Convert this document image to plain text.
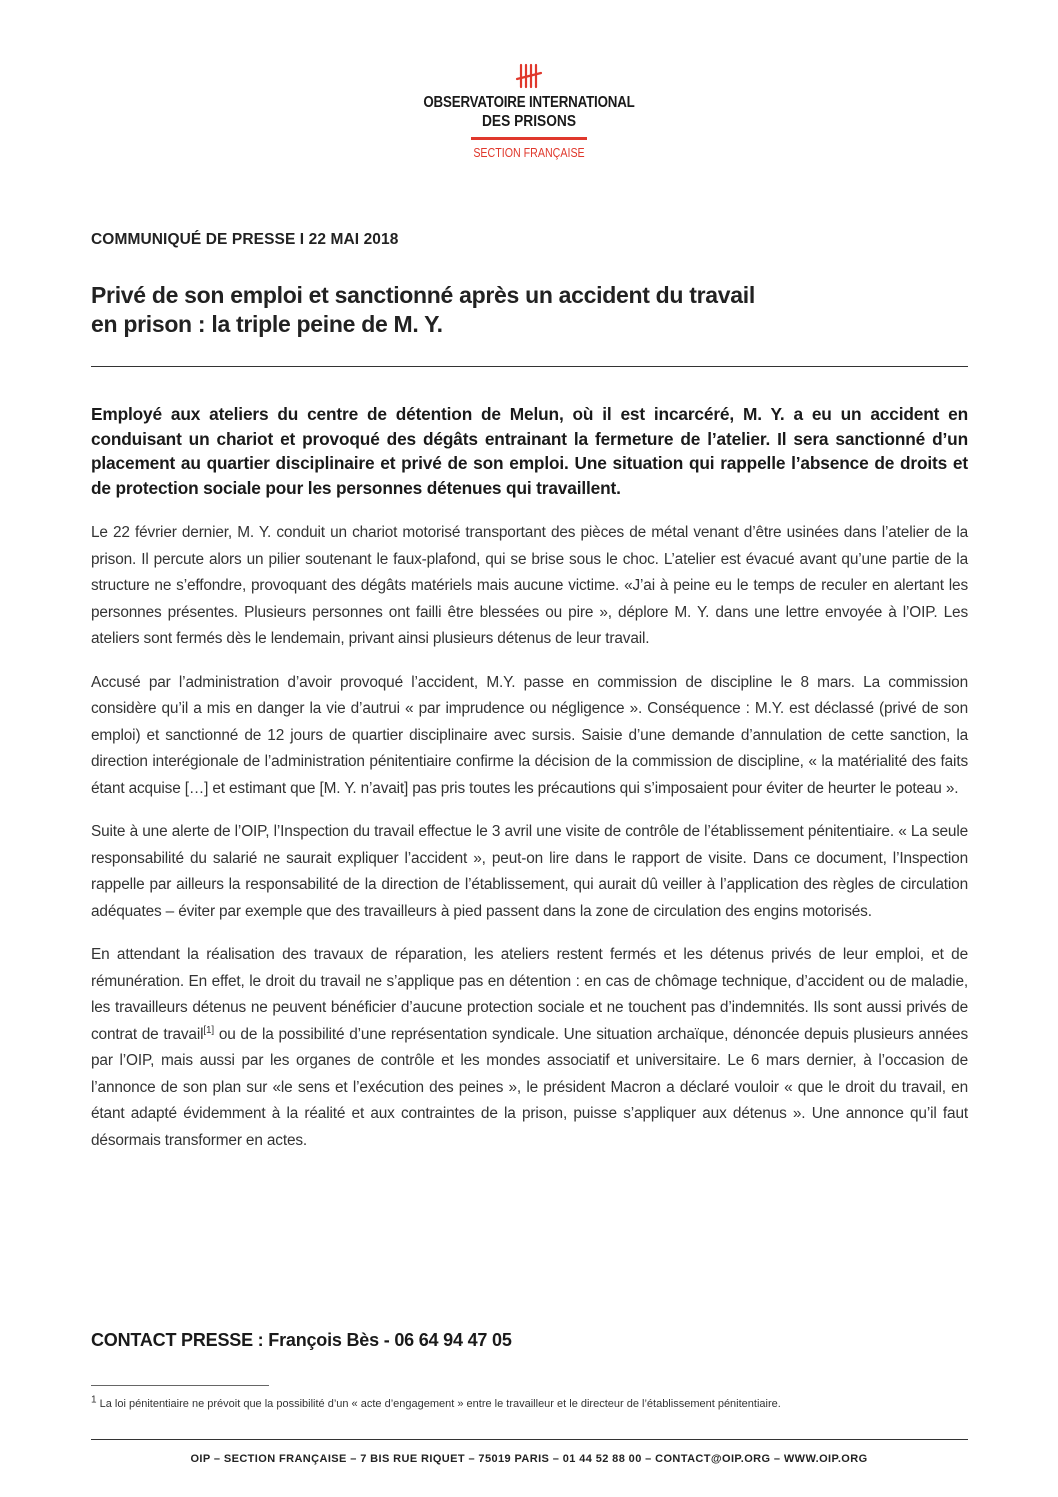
OBSERVATOIRE INTERNATIONAL
DES PRISONS
SECTION FRANÇAISE
COMMUNIQUÉ DE PRESSE I 22 MAI 2018
Privé de son emploi et sanctionné après un accident du travail
en prison : la triple peine de M. Y.
Employé aux ateliers du centre de détention de Melun, où il est incarcéré, M. Y. a eu un accident en conduisant un chariot et provoqué des dégâts entrainant la fermeture de l’atelier. Il sera sanctionné d’un placement au quartier disciplinaire et privé de son emploi. Une situation qui rappelle l’absence de droits et de protection sociale pour les personnes détenues qui travaillent.

Le 22 février dernier, M. Y. conduit un chariot motorisé transportant des pièces de métal venant d’être usinées dans l’atelier de la prison. Il percute alors un pilier soutenant le faux-plafond, qui se brise sous le choc. L’atelier est évacué avant qu’une partie de la structure ne s’effondre, provoquant des dégâts matériels mais aucune victime. «J’ai à peine eu le temps de reculer en alertant les personnes présentes. Plusieurs personnes ont failli être blessées ou pire », déplore M. Y. dans une lettre envoyée à l’OIP. Les ateliers sont fermés dès le lendemain, privant ainsi plusieurs détenus de leur travail.

Accusé par l’administration d’avoir provoqué l’accident, M.Y. passe en commission de discipline le 8 mars. La commission considère qu’il a mis en danger la vie d’autrui « par imprudence ou négligence ». Conséquence : M.Y. est déclassé (privé de son emploi) et sanctionné de 12 jours de quartier disciplinaire avec sursis. Saisie d’une demande d’annulation de cette sanction, la direction interégionale de l’administration pénitentiaire confirme la décision de la commission de discipline, « la matérialité des faits étant acquise […] et estimant que [M. Y. n’avait] pas pris toutes les précautions qui s’imposaient pour éviter de heurter le poteau ».

Suite à une alerte de l’OIP, l’Inspection du travail effectue le 3 avril une visite de contrôle de l’établissement pénitentiaire. « La seule responsabilité du salarié ne saurait expliquer l’accident », peut-on lire dans le rapport de visite. Dans ce document, l’Inspection rappelle par ailleurs la responsabilité de la direction de l’établissement, qui aurait dû veiller à l’application des règles de circulation adéquates – éviter par exemple que des travailleurs à pied passent dans la zone de circulation des engins motorisés.

En attendant la réalisation des travaux de réparation, les ateliers restent fermés et les détenus privés de leur emploi, et de rémunération. En effet, le droit du travail ne s’applique pas en détention : en cas de chômage technique, d’accident ou de maladie, les travailleurs détenus ne peuvent bénéficier d’aucune protection sociale et ne touchent pas d’indemnités. Ils sont aussi privés de contrat de travail[1] ou de la possibilité d’une représentation syndicale. Une situation archaïque, dénoncée depuis plusieurs années par l’OIP, mais aussi par les organes de contrôle et les mondes associatif et universitaire. Le 6 mars dernier, à l’occasion de l’annonce de son plan sur «le sens et l’exécution des peines », le président Macron a déclaré vouloir « que le droit du travail, en étant adapté évidemment à la réalité et aux contraintes de la prison, puisse s’appliquer aux détenus ». Une annonce qu’il faut désormais transformer en actes.

CONTACT PRESSE : François Bès - 06 64 94 47 05
$^1$ La loi pénitentiaire ne prévoit que la possibilité d’un « acte d’engagement » entre le travailleur et le directeur de l’établissement pénitentiaire.
OIP – SECTION FRANÇAISE – 7 BIS RUE RIQUET – 75019 PARIS – 01 44 52 88 00 – CONTACT@OIP.ORG – WWW.OIP.ORG
